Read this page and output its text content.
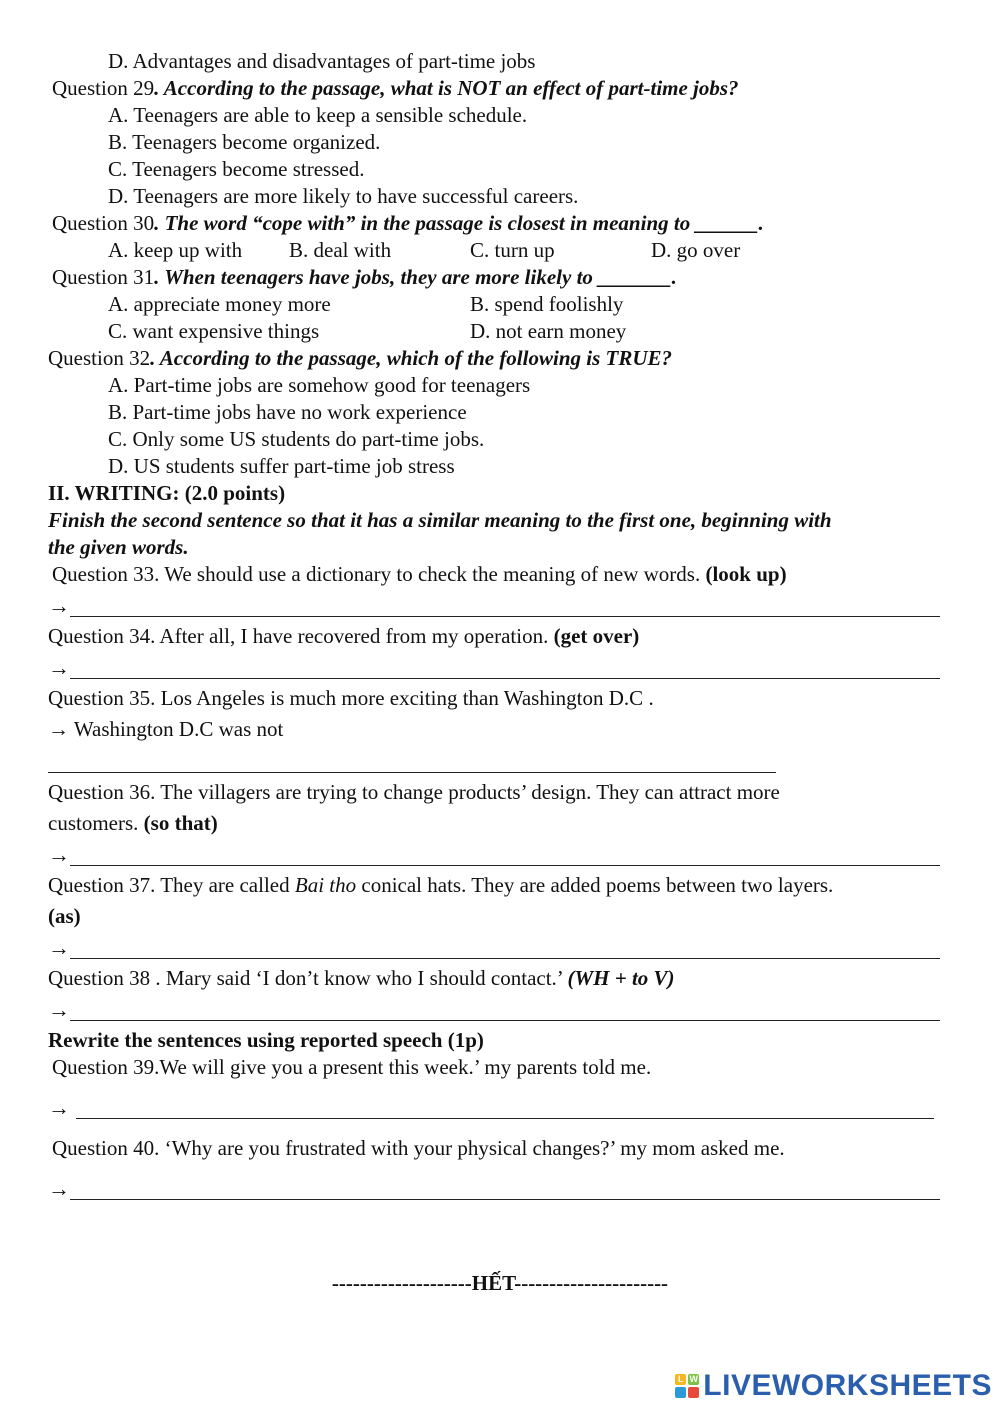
D. Advantages and disadvantages of part-time jobs
Question 29. According to the passage, what is NOT an effect of part-time jobs?
A. Teenagers are able to keep a sensible schedule.
B. Teenagers become organized.
C. Teenagers become stressed.
D. Teenagers are more likely to have successful careers.
Question 30. The word “cope with” in the passage is closest in meaning to ______.
A. keep up with B. deal with	C. turn up	D. go over
Question 31. When teenagers have jobs, they are more likely to _______.
A. appreciate money more	B. spend foolishly
C. want expensive things	D. not earn money
Question 32. According to the passage, which of the following is TRUE?
A. Part-time jobs are somehow good for teenagers
B. Part-time jobs have no work experience
C. Only some US students do part-time jobs.
D. US students suffer part-time job stress
II. WRITING: (2.0 points)
Finish the second sentence so that it has a similar meaning to the first one, beginning with
the given words.
Question 33. We should use a dictionary to check the meaning of new words. (look up)
→
Question 34. After all, I have recovered from my operation. (get over)
→
Question 35. Los Angeles is much more exciting than Washington D.C .
→ Washington D.C was not
Question 36. The villagers are trying to change products’ design. They can attract more
customers. (so that)
→
Question 37. They are called Bai tho conical hats. They are added poems between two layers.
(as)
→
Question 38 . Mary said ‘I don’t know who I should contact.’ (WH + to V)
→
Rewrite the sentences using reported speech (1p)
Question 39.We will give you a present this week.’ my parents told me.
→
Question 40. ‘Why are you frustrated with your physical changes?’ my mom asked me.
→
--------------------HẾT----------------------
L W LIVEWORKSHEETS
